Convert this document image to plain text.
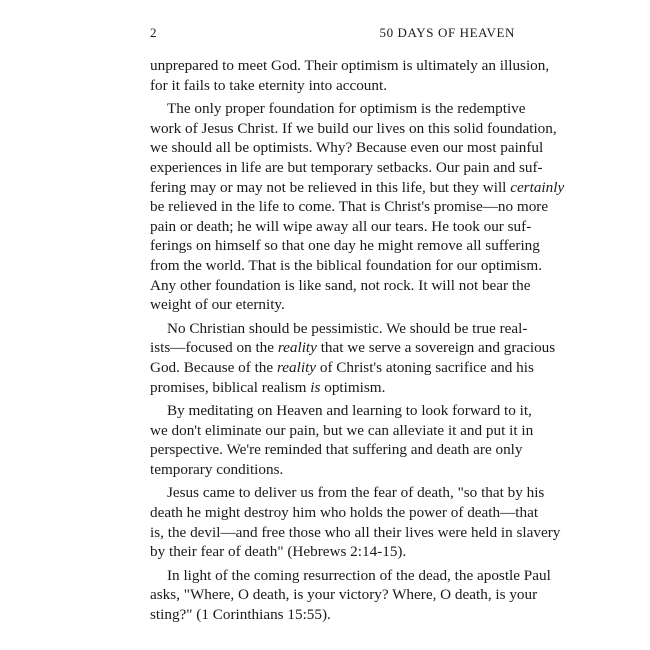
2	50 DAYS OF HEAVEN
unprepared to meet God. Their optimism is ultimately an illusion,
for it fails to take eternity into account.
The only proper foundation for optimism is the redemptive
work of Jesus Christ. If we build our lives on this solid foundation,
we should all be optimists. Why? Because even our most painful
experiences in life are but temporary setbacks. Our pain and suf-
fering may or may not be relieved in this life, but they will certainly
be relieved in the life to come. That is Christ's promise—no more
pain or death; he will wipe away all our tears. He took our suf-
ferings on himself so that one day he might remove all suffering
from the world. That is the biblical foundation for our optimism.
Any other foundation is like sand, not rock. It will not bear the
weight of our eternity.
No Christian should be pessimistic. We should be true real-
ists—focused on the reality that we serve a sovereign and gracious
God. Because of the reality of Christ's atoning sacrifice and his
promises, biblical realism is optimism.
By meditating on Heaven and learning to look forward to it,
we don't eliminate our pain, but we can alleviate it and put it in
perspective. We're reminded that suffering and death are only
temporary conditions.
Jesus came to deliver us from the fear of death, "so that by his
death he might destroy him who holds the power of death—that
is, the devil—and free those who all their lives were held in slavery
by their fear of death" (Hebrews 2:14-15).
In light of the coming resurrection of the dead, the apostle Paul
asks, "Where, O death, is your victory? Where, O death, is your
sting?" (1 Corinthians 15:55).
